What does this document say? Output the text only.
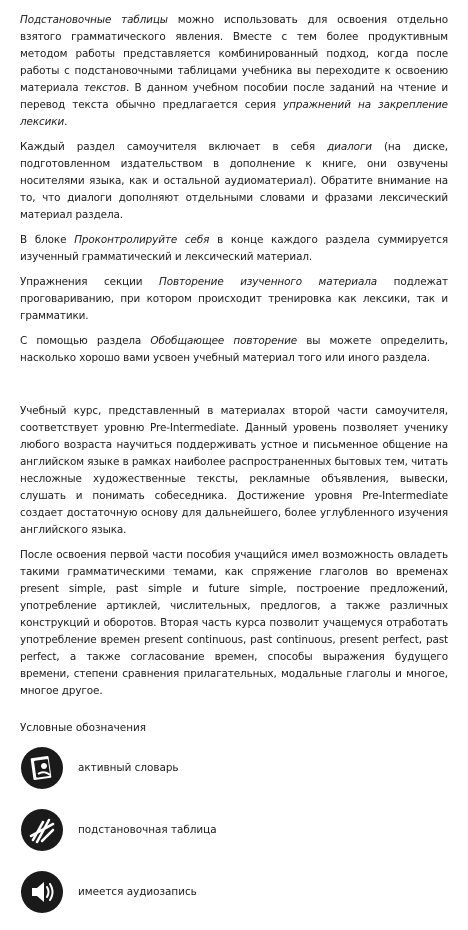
Подстановочные таблицы можно использовать для освоения отдельно взятого грамматического явления. Вместе с тем более продуктивным методом работы представляется комбинированный подход, когда после работы с подстановочными таблицами учебника вы переходите к освоению материала текстов. В данном учебном пособии после заданий на чтение и перевод текста обычно предлагается серия упражнений на закрепление лексики.

Каждый раздел самоучителя включает в себя диалоги (на диске, подготовленном издательством в дополнение к книге, они озвучены носителями языка, как и остальной аудиоматериал). Обратите внимание на то, что диалоги дополняют отдельными словами и фразами лексический материал раздела.

В блоке Проконтролируйте себя в конце каждого раздела суммируется изученный грамматический и лексический материал.

Упражнения секции Повторение изученного материала подлежат проговариванию, при котором происходит тренировка как лексики, так и грамматики.

С помощью раздела Обобщающее повторение вы можете определить, насколько хорошо вами усвоен учебный материал того или иного раздела.

Учебный курс, представленный в материалах второй части самоучителя, соответствует уровню Pre-Intermediate. Данный уровень позволяет ученику любого возраста научиться поддерживать устное и письменное общение на английском языке в рамках наиболее распространенных бытовых тем, читать несложные художественные тексты, рекламные объявления, вывески, слушать и понимать собеседника. Достижение уровня Pre-Intermediate создает достаточную основу для дальнейшего, более углубленного изучения английского языка.

После освоения первой части пособия учащийся имел возможность овладеть такими грамматическими темами, как спряжение глаголов во временах present simple, past simple и future simple, построение предложений, употребление артиклей, числительных, предлогов, а также различных конструкций и оборотов. Вторая часть курса позволит учащемуся отработать употребление времен present continuous, past continuous, present perfect, past perfect, а также согласование времен, способы выражения будущего времени, степени сравнения прилагательных, модальные глаголы и многое, многое другое.

Условные обозначения
активный словарь
подстановочная таблица
имеется аудиозапись
